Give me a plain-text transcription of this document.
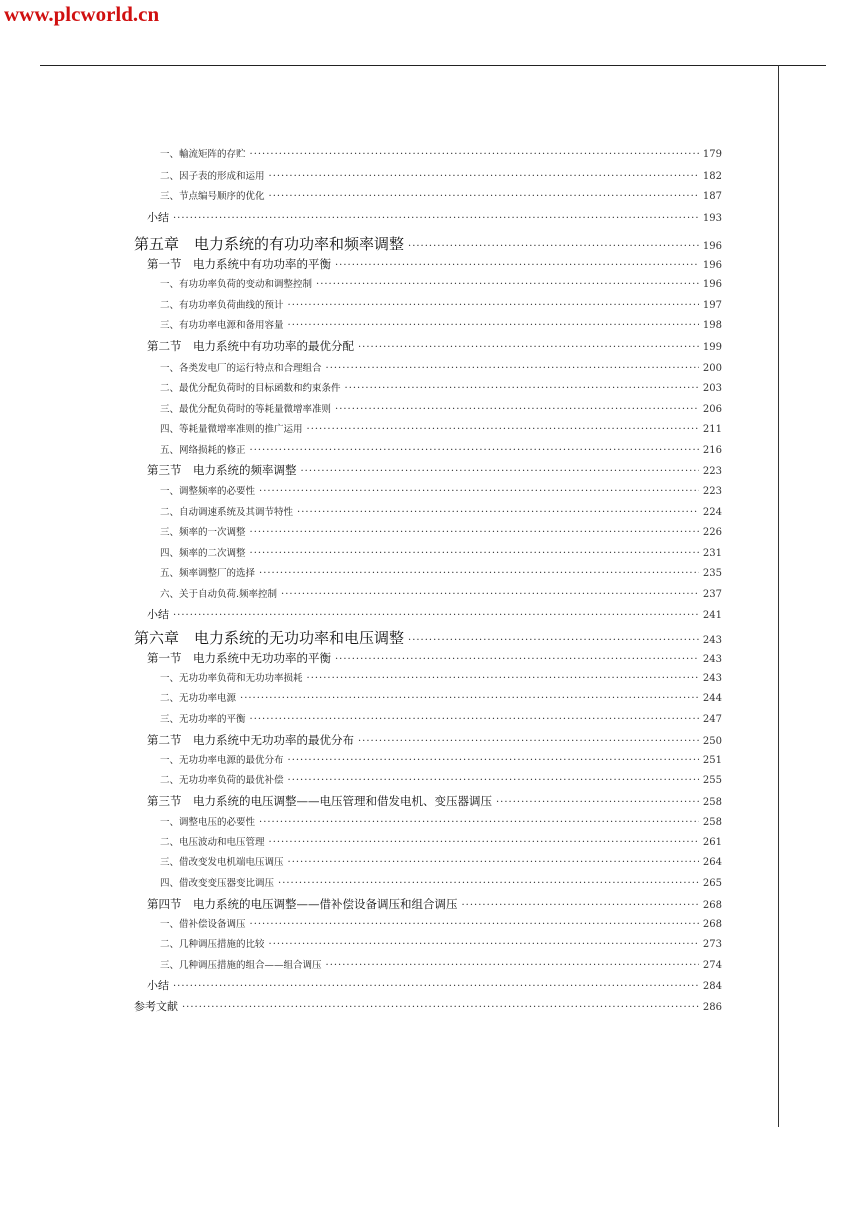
www.plcworld.cn
一、輸流矩阵的存贮 ·····	179
二、因子表的形成和运用 ·····	182
三、节点编号顺序的优化 ·····	187
小结 ·····	193
第五章　电力系统的有功功率和频率调整 ·····	196
第一节　电力系统中有功功率的平衡 ·····	196
一、有功功率负荷的变动和调整控制 ·····	196
二、有功功率负荷曲线的预计 ·····	197
三、有功功率电源和备用容量 ·····	198
第二节　电力系统中有功功率的最优分配 ·····	199
一、各类发电厂的运行特点和合理组合 ·····	200
二、最优分配负荷时的目标函数和约束条件 ·····	203
三、最优分配负荷时的等耗量微增率准则 ·····	206
四、等耗量微增率准则的推广运用 ·····	211
五、网络损耗的修正 ·····	216
第三节　电力系统的频率调整 ·····	223
一、调整频率的必要性 ·····	223
二、自动调速系统及其调节特性 ·····	224
三、频率的一次调整 ·····	226
四、频率的二次调整 ·····	231
五、频率调整厂的选择 ·····	235
六、关于自动负荷.频率控制 ·····	237
小结 ·····	241
第六章　电力系统的无功功率和电压调整 ·····	243
第一节　电力系统中无功功率的平衡 ·····	243
一、无功功率负荷和无功功率损耗 ·····	243
二、无功功率电源 ·····	244
三、无功功率的平衡 ·····	247
第二节　电力系统中无功功率的最优分布 ·····	250
一、无功功率电源的最优分布 ·····	251
二、无功功率负荷的最优补偿 ·····	255
第三节　电力系统的电压调整——电压管理和借发电机、变压器调压 ·····	258
一、调整电压的必要性 ·····	258
二、电压波动和电压管理 ·····	261
三、借改变发电机端电压调压 ·····	264
四、借改变变压器变比调压 ·····	265
第四节　电力系统的电压调整——借补偿设备调压和组合调压 ·····	268
一、借补偿设备调压 ·····	268
二、几种调压措施的比较 ·····	273
三、几种调压措施的组合——组合调压 ·····	274
小结 ·····	284
参考文献 ·····	286
